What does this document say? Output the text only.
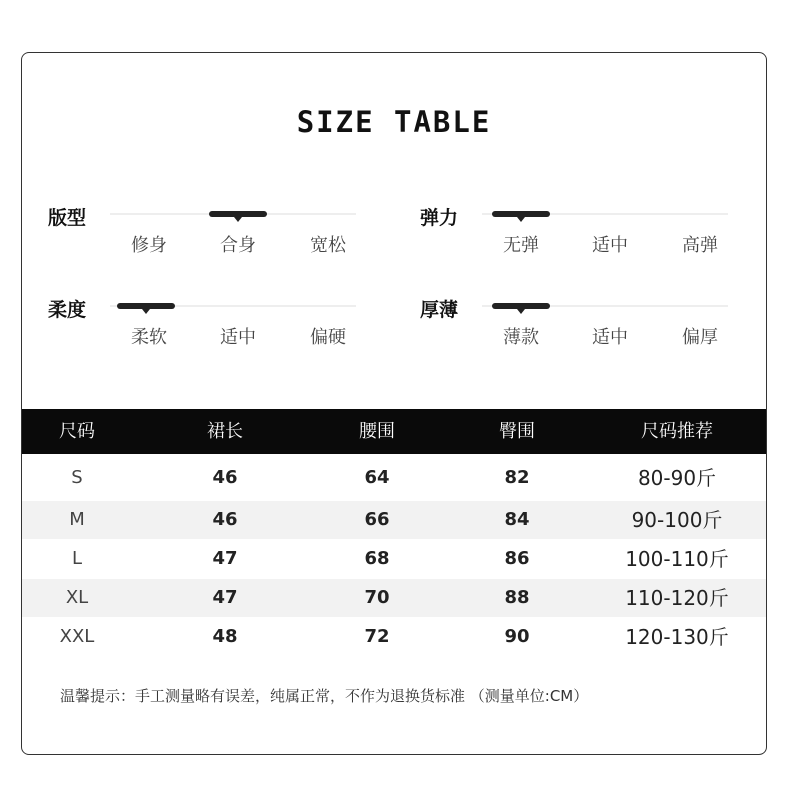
SIZE TABLE
版型
修身	合身	宽松
弹力
无弹	适中	高弹
柔度
柔软	适中	偏硬
厚薄
薄款	适中	偏厚
尺码	裙长	腰围	臀围	尺码推荐
S	46	64	82	80-90斤
M	46	66	84	90-100斤
L	47	68	86	100-110斤
XL	47	70	88	110-120斤
XXL	48	72	90	120-130斤
温馨提示：手工测量略有误差，纯属正常，不作为退换货标准 （测量单位:CM）
